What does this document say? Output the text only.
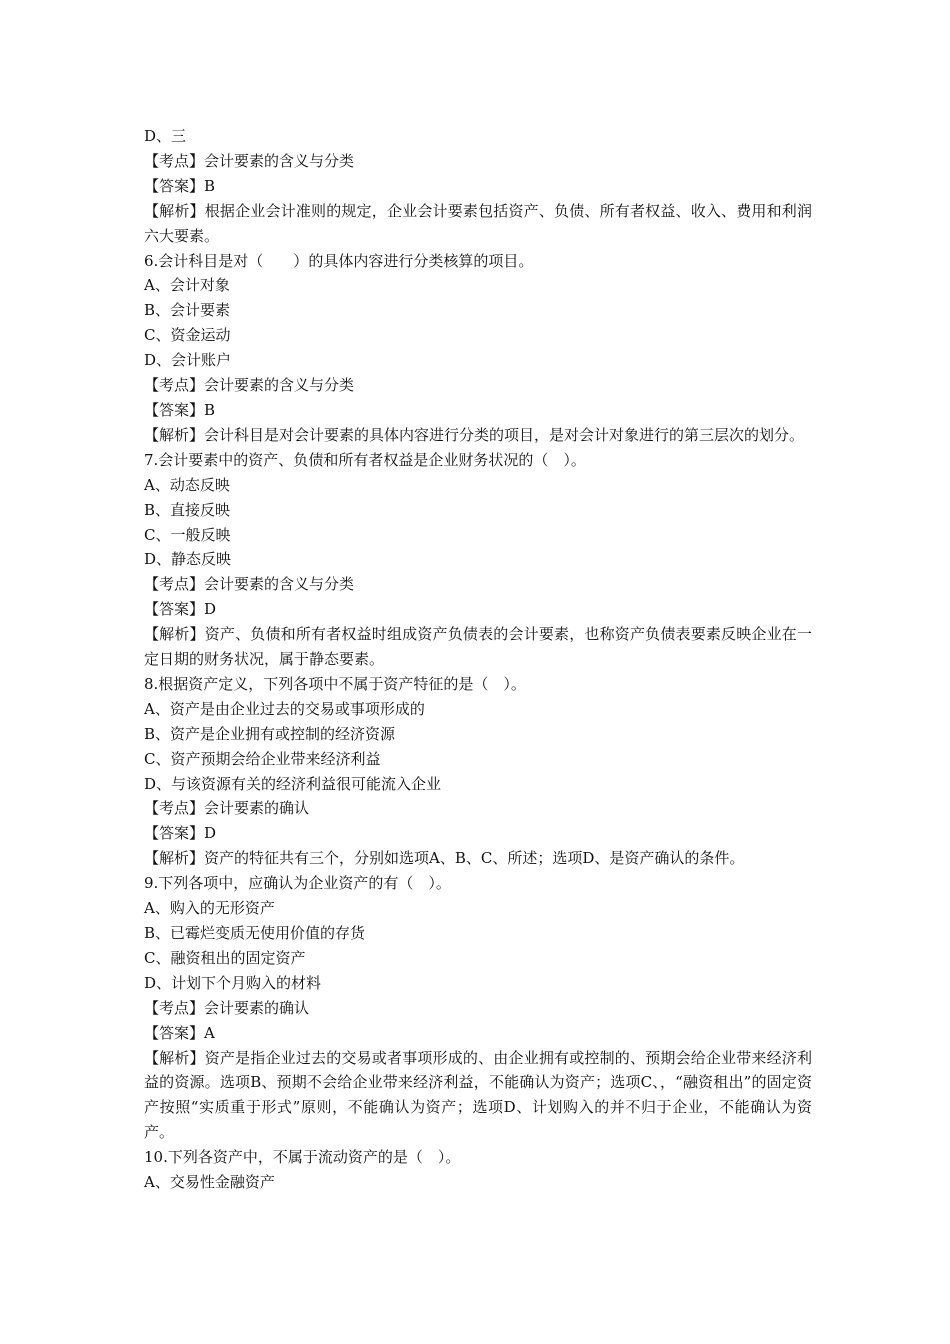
D、三
【考点】会计要素的含义与分类
【答案】B
【解析】根据企业会计准则的规定，企业会计要素包括资产、负债、所有者权益、收入、费用和利润六大要素。
6.会计科目是对（　　）的具体内容进行分类核算的项目。
A、会计对象
B、会计要素
C、资金运动
D、会计账户
【考点】会计要素的含义与分类
【答案】B
【解析】会计科目是对会计要素的具体内容进行分类的项目，是对会计对象进行的第三层次的划分。
7.会计要素中的资产、负债和所有者权益是企业财务状况的（　）。
A、动态反映
B、直接反映
C、一般反映
D、静态反映
【考点】会计要素的含义与分类
【答案】D
【解析】资产、负债和所有者权益时组成资产负债表的会计要素，也称资产负债表要素反映企业在一定日期的财务状况，属于静态要素。
8.根据资产定义，下列各项中不属于资产特征的是（　）。
A、资产是由企业过去的交易或事项形成的
B、资产是企业拥有或控制的经济资源
C、资产预期会给企业带来经济利益
D、与该资源有关的经济利益很可能流入企业
【考点】会计要素的确认
【答案】D
【解析】资产的特征共有三个，分别如选项A、B、C、所述；选项D、是资产确认的条件。
9.下列各项中，应确认为企业资产的有（　）。
A、购入的无形资产
B、已霉烂变质无使用价值的存货
C、融资租出的固定资产
D、计划下个月购入的材料
【考点】会计要素的确认
【答案】A
【解析】资产是指企业过去的交易或者事项形成的、由企业拥有或控制的、预期会给企业带来经济利益的资源。选项B、预期不会给企业带来经济利益，不能确认为资产；选项C、，“融资租出”的固定资产按照“实质重于形式”原则，不能确认为资产；选项D、计划购入的并不归于企业，不能确认为资产。
10.下列各资产中，不属于流动资产的是（　）。
A、交易性金融资产
